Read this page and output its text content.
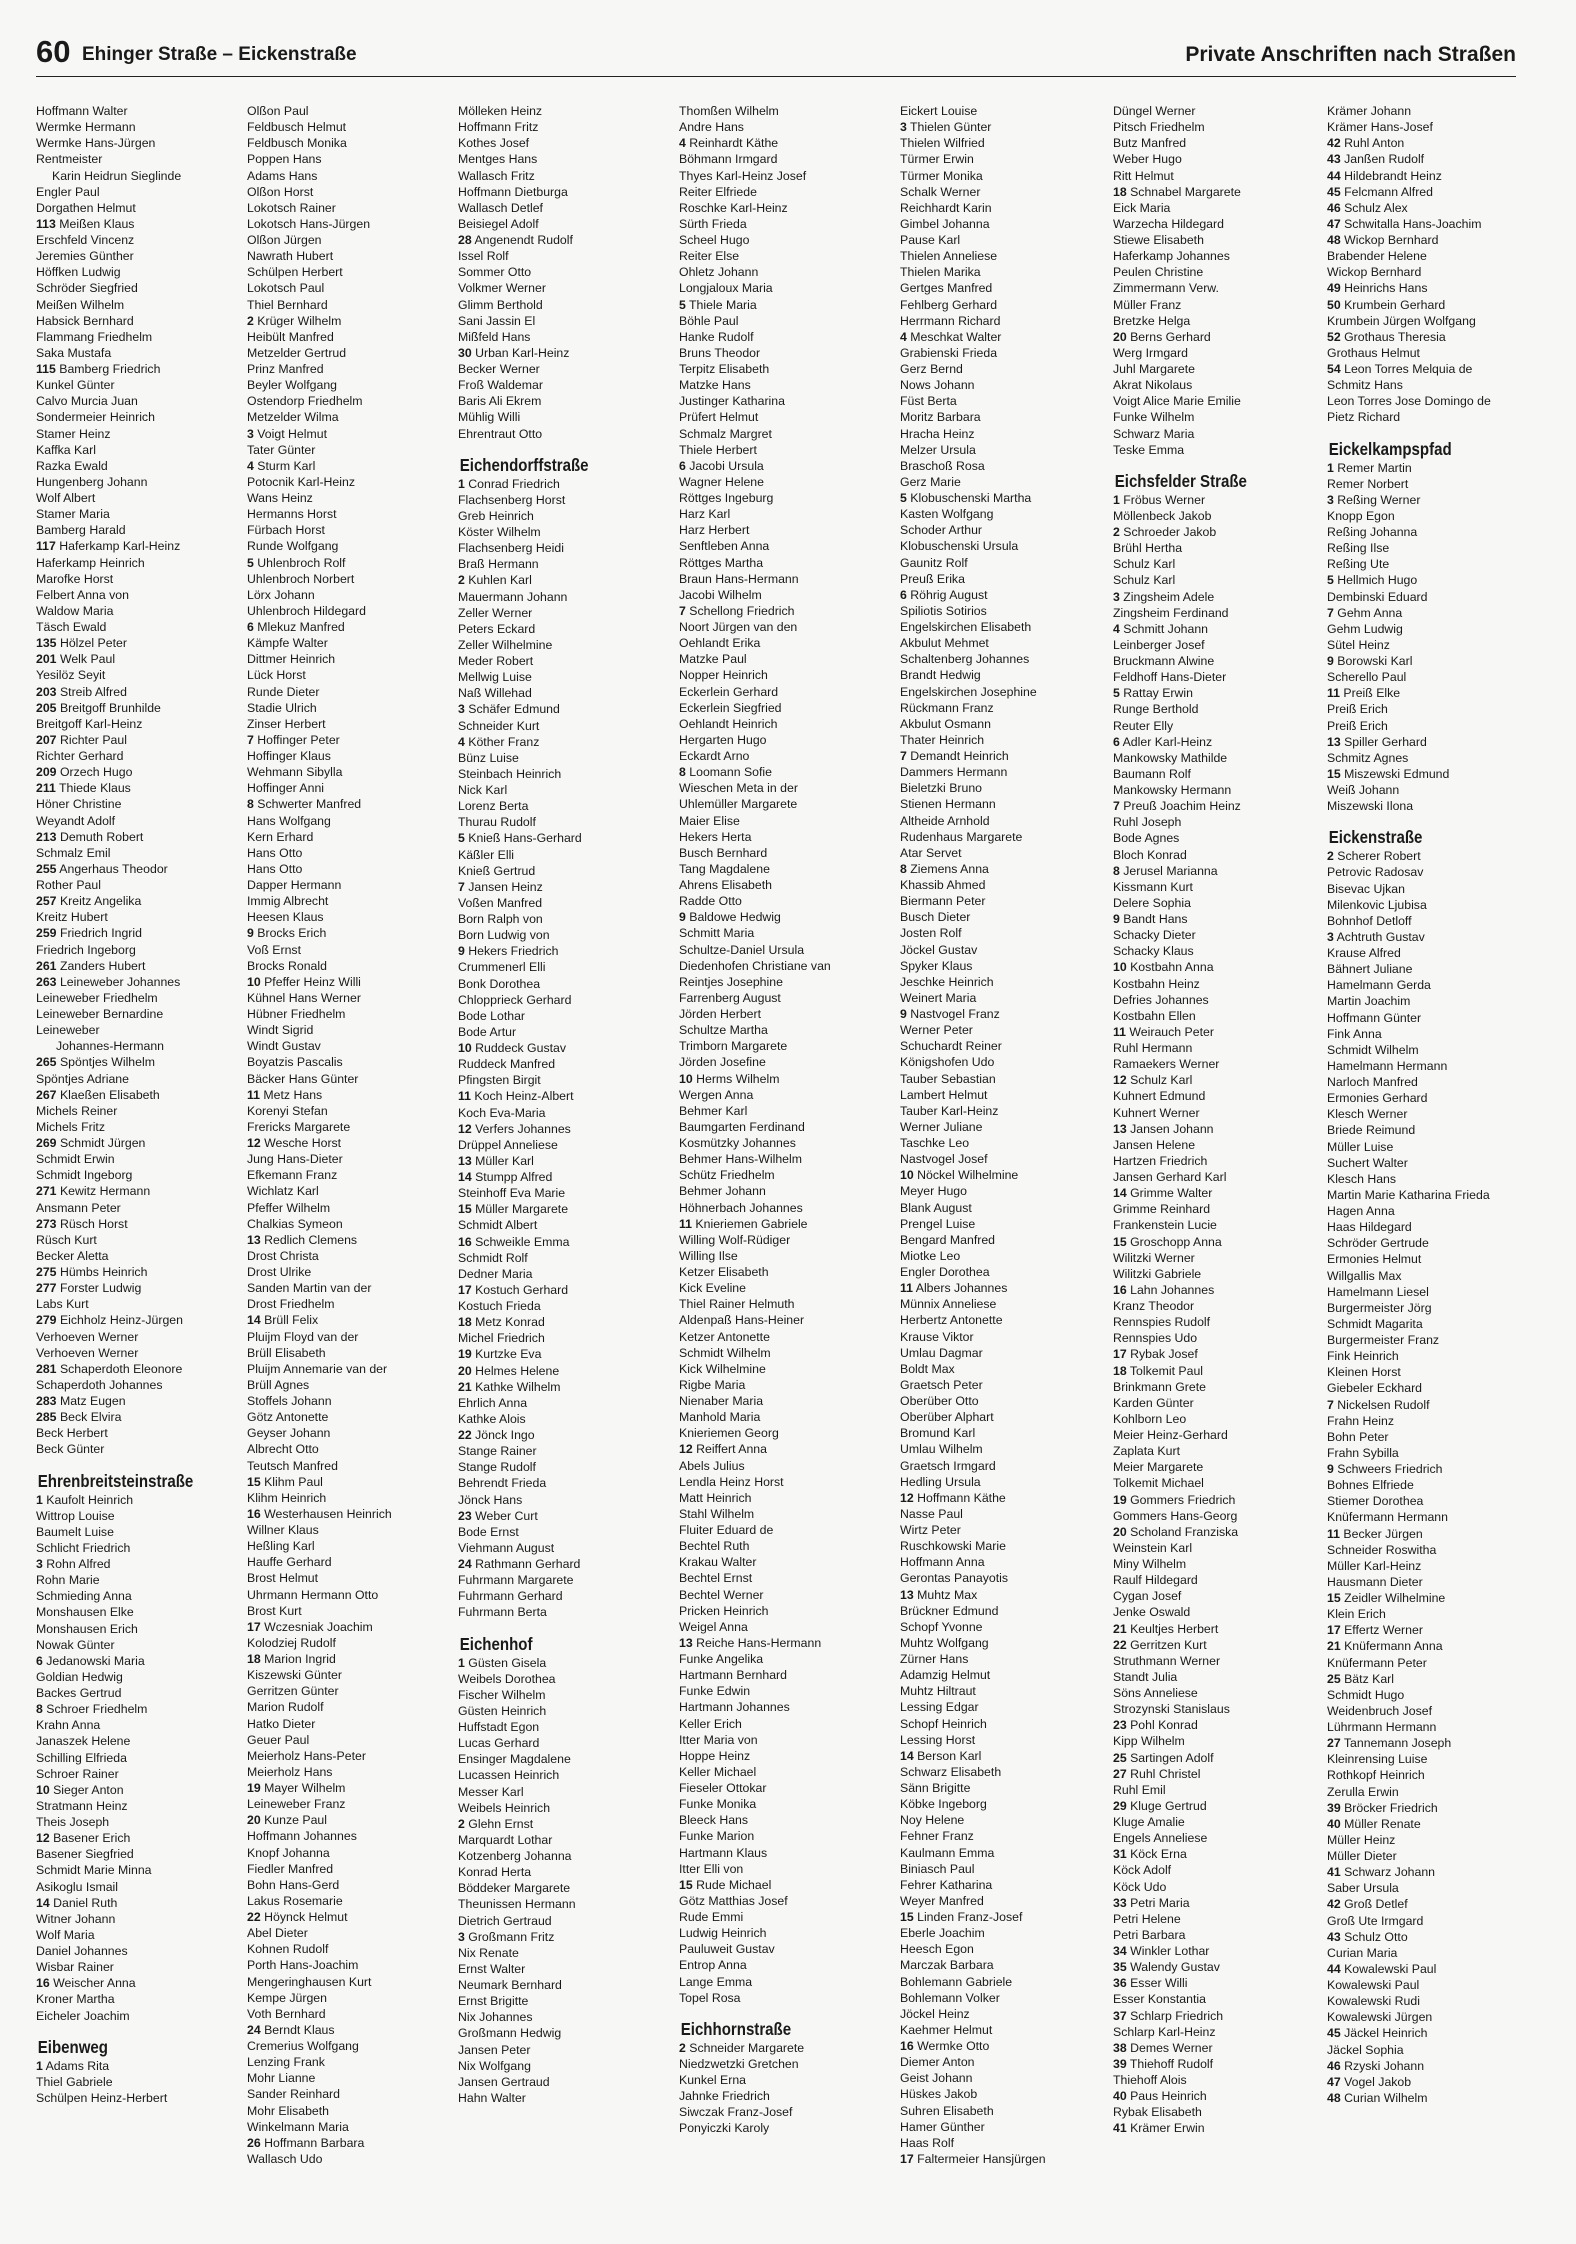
60 Ehinger Straße – Eickenstraße	Private Anschriften nach Straßen
Hoffmann Walter
Wermke Hermann
Wermke Hans-Jürgen
Rentmeister
Karin Heidrun Sieglinde
Engler Paul
Dorgathen Helmut
113 Meißen Klaus
Erschfeld Vincenz
Jeremies Günther
Höffken Ludwig
Schröder Siegfried
Meißen Wilhelm
Habsick Bernhard
Flammang Friedhelm
Saka Mustafa
115 Bamberg Friedrich
Kunkel Günter
Calvo Murcia Juan
Sondermeier Heinrich
Stamer Heinz
Kaffka Karl
Razka Ewald
Hungenberg Johann
Wolf Albert
Stamer Maria
Bamberg Harald
117 Haferkamp Karl-Heinz
Haferkamp Heinrich
Marofke Horst
Felbert Anna von
Waldow Maria
Täsch Ewald
135 Hölzel Peter
201 Welk Paul
Yesilöz Seyit
203 Streib Alfred
205 Breitgoff Brunhilde
Breitgoff Karl-Heinz
207 Richter Paul
Richter Gerhard
209 Orzech Hugo
211 Thiede Klaus
Höner Christine
Weyandt Adolf
213 Demuth Robert
Schmalz Emil
255 Angerhaus Theodor
Rother Paul
257 Kreitz Angelika
Kreitz Hubert
259 Friedrich Ingrid
Friedrich Ingeborg
261 Zanders Hubert
263 Leineweber Johannes
Leineweber Friedhelm
Leineweber Bernardine
Leineweber
Johannes-Hermann
265 Spöntjes Wilhelm
Spöntjes Adriane
267 Klaeßen Elisabeth
Michels Reiner
Michels Fritz
269 Schmidt Jürgen
Schmidt Erwin
Schmidt Ingeborg
271 Kewitz Hermann
Ansmann Peter
273 Rüsch Horst
Rüsch Kurt
Becker Aletta
275 Hümbs Heinrich
277 Forster Ludwig
Labs Kurt
279 Eichholz Heinz-Jürgen
Verhoeven Werner
Verhoeven Werner
281 Schaperdoth Eleonore
Schaperdoth Johannes
283 Matz Eugen
285 Beck Elvira
Beck Herbert
Beck Günter
Ehrenbreitsteinstraße
1 Kaufolt Heinrich
Wittrop Louise
Baumelt Luise
Schlicht Friedrich
3 Rohn Alfred
Rohn Marie
Schmieding Anna
Monshausen Elke
Monshausen Erich
Nowak Günter
6 Jedanowski Maria
Goldian Hedwig
Backes Gertrud
8 Schroer Friedhelm
Krahn Anna
Janaszek Helene
Schilling Elfrieda
Schroer Rainer
10 Sieger Anton
Stratmann Heinz
Theis Joseph
12 Basener Erich
Basener Siegfried
Schmidt Marie Minna
Asikoglu Ismail
14 Daniel Ruth
Witner Johann
Wolf Maria
Daniel Johannes
Wisbar Rainer
16 Weischer Anna
Kroner Martha
Eicheler Joachim
Eibenweg
1 Adams Rita
Thiel Gabriele
Schülpen Heinz-Herbert
Olßon Paul
Feldbusch Helmut
Feldbusch Monika
Poppen Hans
Adams Hans
Olßon Horst
Lokotsch Rainer
Lokotsch Hans-Jürgen
Olßon Jürgen
Nawrath Hubert
Schülpen Herbert
Lokotsch Paul
Thiel Bernhard
2 Krüger Wilhelm
Heibült Manfred
Metzelder Gertrud
Prinz Manfred
Beyler Wolfgang
Ostendorp Friedhelm
Metzelder Wilma
3 Voigt Helmut
Tater Günter
4 Sturm Karl
Potocnik Karl-Heinz
Wans Heinz
Hermanns Horst
Fürbach Horst
Runde Wolfgang
5 Uhlenbroch Rolf
Uhlenbroch Norbert
Lörx Johann
Uhlenbroch Hildegard
6 Mlekuz Manfred
Kämpfe Walter
Dittmer Heinrich
Lück Horst
Runde Dieter
Stadie Ulrich
Zinser Herbert
7 Hoffinger Peter
Hoffinger Klaus
Wehmann Sibylla
Hoffinger Anni
8 Schwerter Manfred
Hans Wolfgang
Kern Erhard
Hans Otto
Hans Otto
Dapper Hermann
Immig Albrecht
Heesen Klaus
9 Brocks Erich
Voß Ernst
Brocks Ronald
10 Pfeffer Heinz Willi
Kühnel Hans Werner
Hübner Friedhelm
Windt Sigrid
Windt Gustav
Boyatzis Pascalis
Bäcker Hans Günter
11 Metz Hans
Korenyi Stefan
Frericks Margarete
12 Wesche Horst
Jung Hans-Dieter
Efkemann Franz
Wichlatz Karl
Pfeffer Wilhelm
Chalkias Symeon
13 Redlich Clemens
Drost Christa
Drost Ulrike
Sanden Martin van der
Drost Friedhelm
14 Brüll Felix
Pluijm Floyd van der
Brüll Elisabeth
Pluijm Annemarie van der
Brüll Agnes
Stoffels Johann
Götz Antonette
Geyser Johann
Albrecht Otto
Teutsch Manfred
15 Klihm Paul
Klihm Heinrich
16 Westerhausen Heinrich
Willner Klaus
Heßling Karl
Hauffe Gerhard
Brost Helmut
Uhrmann Hermann Otto
Brost Kurt
17 Wczesniak Joachim
Kolodziej Rudolf
18 Marion Ingrid
Kiszewski Günter
Gerritzen Günter
Marion Rudolf
Hatko Dieter
Geuer Paul
Meierholz Hans-Peter
Meierholz Hans
19 Mayer Wilhelm
Leineweber Franz
20 Kunze Paul
Hoffmann Johannes
Knopf Johanna
Fiedler Manfred
Bohn Hans-Gerd
Lakus Rosemarie
22 Höynck Helmut
Abel Dieter
Kohnen Rudolf
Porth Hans-Joachim
Mengeringhausen Kurt
Kempe Jürgen
Voth Bernhard
24 Berndt Klaus
Cremerius Wolfgang
Lenzing Frank
Mohr Lianne
Sander Reinhard
Mohr Elisabeth
Winkelmann Maria
26 Hoffmann Barbara
Wallasch Udo
Mölleken Heinz
Hoffmann Fritz
Kothes Josef
Mentges Hans
Wallasch Fritz
Hoffmann Dietburga
Wallasch Detlef
Beisiegel Adolf
28 Angenendt Rudolf
Issel Rolf
Sommer Otto
Volkmer Werner
Glimm Berthold
Sani Jassin El
Mißfeld Hans
30 Urban Karl-Heinz
Becker Werner
Froß Waldemar
Baris Ali Ekrem
Mühlig Willi
Ehrentraut Otto
Eichendorffstraße
1 Conrad Friedrich
Flachsenberg Horst
Greb Heinrich
Köster Wilhelm
Flachsenberg Heidi
Braß Hermann
2 Kuhlen Karl
Mauermann Johann
Zeller Werner
Peters Eckard
Zeller Wilhelmine
Meder Robert
Mellwig Luise
Naß Willehad
3 Schäfer Edmund
Schneider Kurt
4 Köther Franz
Bünz Luise
Steinbach Heinrich
Nick Karl
Lorenz Berta
Thurau Rudolf
5 Knieß Hans-Gerhard
Käßler Elli
Knieß Gertrud
7 Jansen Heinz
Voßen Manfred
Born Ralph von
Born Ludwig von
9 Hekers Friedrich
Crummenerl Elli
Bonk Dorothea
Chlopprieck Gerhard
Bode Lothar
Bode Artur
10 Ruddeck Gustav
Ruddeck Manfred
Pfingsten Birgit
11 Koch Heinz-Albert
Koch Eva-Maria
12 Verfers Johannes
Drüppel Anneliese
13 Müller Karl
14 Stumpp Alfred
Steinhoff Eva Marie
15 Müller Margarete
Schmidt Albert
16 Schweikle Emma
Schmidt Rolf
Dedner Maria
17 Kostuch Gerhard
Kostuch Frieda
18 Metz Konrad
Michel Friedrich
19 Kurtzke Eva
20 Helmes Helene
21 Kathke Wilhelm
Ehrlich Anna
Kathke Alois
22 Jönck Ingo
Stange Rainer
Stange Rudolf
Behrendt Frieda
Jönck Hans
23 Weber Curt
Bode Ernst
Viehmann August
24 Rathmann Gerhard
Fuhrmann Margarete
Fuhrmann Gerhard
Fuhrmann Berta
Eichenhof
1 Güsten Gisela
Weibels Dorothea
Fischer Wilhelm
Güsten Heinrich
Huffstadt Egon
Lucas Gerhard
Ensinger Magdalene
Lucassen Heinrich
Messer Karl
Weibels Heinrich
2 Glehn Ernst
Marquardt Lothar
Kotzenberg Johanna
Konrad Herta
Böddeker Margarete
Theunissen Hermann
Dietrich Gertraud
3 Großmann Fritz
Nix Renate
Ernst Walter
Neumark Bernhard
Ernst Brigitte
Nix Johannes
Großmann Hedwig
Jansen Peter
Nix Wolfgang
Jansen Gertraud
Hahn Walter
Thomßen Wilhelm
Andre Hans
4 Reinhardt Käthe
Böhmann Irmgard
Thyes Karl-Heinz Josef
Reiter Elfriede
Roschke Karl-Heinz
Sürth Frieda
Scheel Hugo
Reiter Else
Ohletz Johann
Longjaloux Maria
5 Thiele Maria
Böhle Paul
Hanke Rudolf
Bruns Theodor
Terpitz Elisabeth
Matzke Hans
Justinger Katharina
Prüfert Helmut
Schmalz Margret
Thiele Herbert
6 Jacobi Ursula
Wagner Helene
Röttges Ingeburg
Harz Karl
Harz Herbert
Senftleben Anna
Röttges Martha
Braun Hans-Hermann
Jacobi Wilhelm
7 Schellong Friedrich
Noort Jürgen van den
Oehlandt Erika
Matzke Paul
Nopper Heinrich
Eckerlein Gerhard
Eckerlein Siegfried
Oehlandt Heinrich
Hergarten Hugo
Eckardt Arno
8 Loomann Sofie
Wieschen Meta in der
Uhlemüller Margarete
Maier Elise
Hekers Herta
Busch Bernhard
Tang Magdalene
Ahrens Elisabeth
Radde Otto
9 Baldowe Hedwig
Schmitt Maria
Schultze-Daniel Ursula
Diedenhofen Christiane van
Reintjes Josephine
Farrenberg August
Jörden Herbert
Schultze Martha
Trimborn Margarete
Jörden Josefine
10 Herms Wilhelm
Wergen Anna
Behmer Karl
Baumgarten Ferdinand
Kosmützky Johannes
Behmer Hans-Wilhelm
Schütz Friedhelm
Behmer Johann
Höhnerbach Johannes
11 Knieriemen Gabriele
Willing Wolf-Rüdiger
Willing Ilse
Ketzer Elisabeth
Kick Eveline
Thiel Rainer Helmuth
Aldenpaß Hans-Heiner
Ketzer Antonette
Schmidt Wilhelm
Kick Wilhelmine
Rigbe Maria
Nienaber Maria
Manhold Maria
Knieriemen Georg
12 Reiffert Anna
Abels Julius
Lendla Heinz Horst
Matt Heinrich
Stahl Wilhelm
Fluiter Eduard de
Bechtel Ruth
Krakau Walter
Bechtel Ernst
Bechtel Werner
Pricken Heinrich
Weigel Anna
13 Reiche Hans-Hermann
Funke Angelika
Hartmann Bernhard
Funke Edwin
Hartmann Johannes
Keller Erich
Itter Maria von
Hoppe Heinz
Keller Michael
Fieseler Ottokar
Funke Monika
Bleeck Hans
Funke Marion
Hartmann Klaus
Itter Elli von
15 Rude Michael
Götz Matthias Josef
Rude Emmi
Ludwig Heinrich
Pauluweit Gustav
Entrop Anna
Lange Emma
Topel Rosa
Eichhornstraße
2 Schneider Margarete
Niedzwetzki Gretchen
Kunkel Erna
Jahnke Friedrich
Siwczak Franz-Josef
Ponyiczki Karoly
Eickert Louise
3 Thielen Günter
Thielen Wilfried
Türmer Erwin
Türmer Monika
Schalk Werner
Reichhardt Karin
Gimbel Johanna
Pause Karl
Thielen Anneliese
Thielen Marika
Gertges Manfred
Fehlberg Gerhard
Herrmann Richard
4 Meschkat Walter
Grabienski Frieda
Gerz Bernd
Nows Johann
Füst Berta
Moritz Barbara
Hracha Heinz
Melzer Ursula
Braschoß Rosa
Gerz Marie
5 Klobuschenski Martha
Kasten Wolfgang
Schoder Arthur
Klobuschenski Ursula
Gaunitz Rolf
Preuß Erika
6 Röhrig August
Spiliotis Sotirios
Engelskirchen Elisabeth
Akbulut Mehmet
Schaltenberg Johannes
Brandt Hedwig
Engelskirchen Josephine
Rückmann Franz
Akbulut Osmann
Thater Heinrich
7 Demandt Heinrich
Dammers Hermann
Bieletzki Bruno
Stienen Hermann
Altheide Arnhold
Rudenhaus Margarete
Atar Servet
8 Ziemens Anna
Khassib Ahmed
Biermann Peter
Busch Dieter
Josten Rolf
Jöckel Gustav
Spyker Klaus
Jeschke Heinrich
Weinert Maria
9 Nastvogel Franz
Werner Peter
Schuchardt Reiner
Königshofen Udo
Tauber Sebastian
Lambert Helmut
Tauber Karl-Heinz
Werner Juliane
Taschke Leo
Nastvogel Josef
10 Nöckel Wilhelmine
Meyer Hugo
Blank August
Prengel Luise
Bengard Manfred
Miotke Leo
Engler Dorothea
11 Albers Johannes
Münnix Anneliese
Herbertz Antonette
Krause Viktor
Umlau Dagmar
Boldt Max
Graetsch Peter
Oberüber Otto
Oberüber Alphart
Bromund Karl
Umlau Wilhelm
Graetsch Irmgard
Hedling Ursula
12 Hoffmann Käthe
Nasse Paul
Wirtz Peter
Ruschkowski Marie
Hoffmann Anna
Gerontas Panayotis
13 Muhtz Max
Brückner Edmund
Schopf Yvonne
Muhtz Wolfgang
Zürner Hans
Adamzig Helmut
Muhtz Hiltraut
Lessing Edgar
Schopf Heinrich
Lessing Horst
14 Berson Karl
Schwarz Elisabeth
Sänn Brigitte
Köbke Ingeborg
Noy Helene
Fehner Franz
Kaulmann Emma
Biniasch Paul
Fehrer Katharina
Weyer Manfred
15 Linden Franz-Josef
Eberle Joachim
Heesch Egon
Marczak Barbara
Bohlemann Gabriele
Bohlemann Volker
Jöckel Heinz
Kaehmer Helmut
16 Wermke Otto
Diemer Anton
Geist Johann
Hüskes Jakob
Suhren Elisabeth
Hamer Günther
Haas Rolf
17 Faltermeier Hansjürgen
Düngel Werner
Pitsch Friedhelm
Butz Manfred
Weber Hugo
Ritt Helmut
18 Schnabel Margarete
Eick Maria
Warzecha Hildegard
Stiewe Elisabeth
Haferkamp Johannes
Peulen Christine
Zimmermann Verw.
Müller Franz
Bretzke Helga
20 Berns Gerhard
Werg Irmgard
Juhl Margarete
Akrat Nikolaus
Voigt Alice Marie Emilie
Funke Wilhelm
Schwarz Maria
Teske Emma
Eichsfelder Straße
1 Fröbus Werner
Möllenbeck Jakob
2 Schroeder Jakob
Brühl Hertha
Schulz Karl
Schulz Karl
3 Zingsheim Adele
Zingsheim Ferdinand
4 Schmitt Johann
Leinberger Josef
Bruckmann Alwine
Feldhoff Hans-Dieter
5 Rattay Erwin
Runge Berthold
Reuter Elly
6 Adler Karl-Heinz
Mankowsky Mathilde
Baumann Rolf
Mankowsky Hermann
7 Preuß Joachim Heinz
Ruhl Joseph
Bode Agnes
Bloch Konrad
8 Jerusel Marianna
Kissmann Kurt
Delere Sophia
9 Bandt Hans
Schacky Dieter
Schacky Klaus
10 Kostbahn Anna
Kostbahn Heinz
Defries Johannes
Kostbahn Ellen
11 Weirauch Peter
Ruhl Hermann
Ramaekers Werner
12 Schulz Karl
Kuhnert Edmund
Kuhnert Werner
13 Jansen Johann
Jansen Helene
Hartzen Friedrich
Jansen Gerhard Karl
14 Grimme Walter
Grimme Reinhard
Frankenstein Lucie
15 Groschopp Anna
Wilitzki Werner
Wilitzki Gabriele
16 Lahn Johannes
Kranz Theodor
Rennspies Rudolf
Rennspies Udo
17 Rybak Josef
18 Tolkemit Paul
Brinkmann Grete
Karden Günter
Kohlborn Leo
Meier Heinz-Gerhard
Zaplata Kurt
Meier Margarete
Tolkemit Michael
19 Gommers Friedrich
Gommers Hans-Georg
20 Scholand Franziska
Weinstein Karl
Miny Wilhelm
Raulf Hildegard
Cygan Josef
Jenke Oswald
21 Keultjes Herbert
22 Gerritzen Kurt
Struthmann Werner
Standt Julia
Söns Anneliese
Strozynski Stanislaus
23 Pohl Konrad
Kipp Wilhelm
25 Sartingen Adolf
27 Ruhl Christel
Ruhl Emil
29 Kluge Gertrud
Kluge Amalie
Engels Anneliese
31 Köck Erna
Köck Adolf
Köck Udo
33 Petri Maria
Petri Helene
Petri Barbara
34 Winkler Lothar
35 Walendy Gustav
36 Esser Willi
Esser Konstantia
37 Schlarp Friedrich
Schlarp Karl-Heinz
38 Demes Werner
39 Thiehoff Rudolf
Thiehoff Alois
40 Paus Heinrich
Rybak Elisabeth
41 Krämer Erwin
Krämer Johann
Krämer Hans-Josef
42 Ruhl Anton
43 Janßen Rudolf
44 Hildebrandt Heinz
45 Felcmann Alfred
46 Schulz Alex
47 Schwitalla Hans-Joachim
48 Wickop Bernhard
Brabender Helene
Wickop Bernhard
49 Heinrichs Hans
50 Krumbein Gerhard
Krumbein Jürgen Wolfgang
52 Grothaus Theresia
Grothaus Helmut
54 Leon Torres Melquia de
Schmitz Hans
Leon Torres Jose Domingo de
Pietz Richard
Eickelkampspfad
1 Remer Martin
Remer Norbert
3 Reßing Werner
Knopp Egon
Reßing Johanna
Reßing Ilse
Reßing Ute
5 Hellmich Hugo
Dembinski Eduard
7 Gehm Anna
Gehm Ludwig
Sütel Heinz
9 Borowski Karl
Scherello Paul
11 Preiß Elke
Preiß Erich
Preiß Erich
13 Spiller Gerhard
Schmitz Agnes
15 Miszewski Edmund
Weiß Johann
Miszewski Ilona
Eickenstraße
2 Scherer Robert
Petrovic Radosav
Bisevac Ujkan
Milenkovic Ljubisa
Bohnhof Detloff
3 Achtruth Gustav
Krause Alfred
Bähnert Juliane
Hamelmann Gerda
Martin Joachim
Hoffmann Günter
Fink Anna
Schmidt Wilhelm
Hamelmann Hermann
Narloch Manfred
Ermonies Gerhard
Klesch Werner
Briede Reimund
Müller Luise
Suchert Walter
Klesch Hans
Martin Marie Katharina Frieda
Hagen Anna
Haas Hildegard
Schröder Gertrude
Ermonies Helmut
Willgallis Max
Hamelmann Liesel
Burgermeister Jörg
Schmidt Magarita
Burgermeister Franz
Fink Heinrich
Kleinen Horst
Giebeler Eckhard
7 Nickelsen Rudolf
Frahn Heinz
Bohn Peter
Frahn Sybilla
9 Schweers Friedrich
Bohnes Elfriede
Stiemer Dorothea
Knüfermann Hermann
11 Becker Jürgen
Schneider Roswitha
Müller Karl-Heinz
Hausmann Dieter
15 Zeidler Wilhelmine
Klein Erich
17 Effertz Werner
21 Knüfermann Anna
Knüfermann Peter
25 Bätz Karl
Schmidt Hugo
Weidenbruch Josef
Lührmann Hermann
27 Tannemann Joseph
Kleinrensing Luise
Rothkopf Heinrich
Zerulla Erwin
39 Bröcker Friedrich
40 Müller Renate
Müller Heinz
Müller Dieter
41 Schwarz Johann
Saber Ursula
42 Groß Detlef
Groß Ute Irmgard
43 Schulz Otto
Curian Maria
44 Kowalewski Paul
Kowalewski Paul
Kowalewski Rudi
Kowalewski Jürgen
45 Jäckel Heinrich
Jäckel Sophia
46 Rzyski Johann
47 Vogel Jakob
48 Curian Wilhelm
